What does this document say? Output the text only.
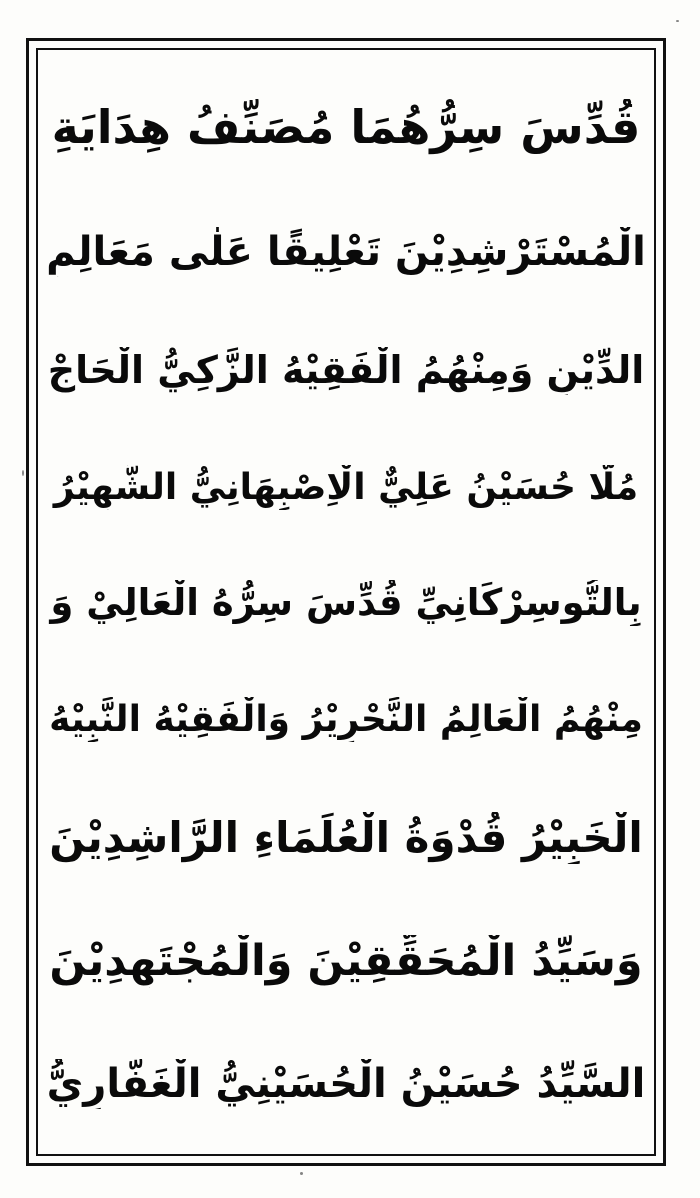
قُدِّسَ سِرُّهُمَا مُصَنِّفُ هِدَايَةِ
الْمُسْتَرْشِدِيْنَ تَعْلِيقًا عَلٰى مَعَالِمِ
الدِّيْنِ وَمِنْهُمُ الْفَقِيْهُ الزَّكِيُّ الْحَاجْ
مُلَّا حُسَيْنُ عَلِيٌّ الْاِصْبِهَانِيُّ الشَّهِيْرُ
بِالتُّوسِرْكَانِيِّ قُدِّسَ سِرُّهُ الْعَالِيْ وَ
مِنْهُمُ الْعَالِمُ النَّحْرِيْرُ وَالْفَقِيْهُ النَّبِيْهُ
الْخَبِيْرُ قُدْوَةُ الْعُلَمَاءِ الرَّاشِدِيْنَ
وَسَيِّدُ الْمُحَقِّقِيْنَ وَالْمُجْتَهِدِيْنَ
السَّيِّدُ حُسَيْنُ الْحُسَيْنِيُّ الْغَفَّارِيُّ
